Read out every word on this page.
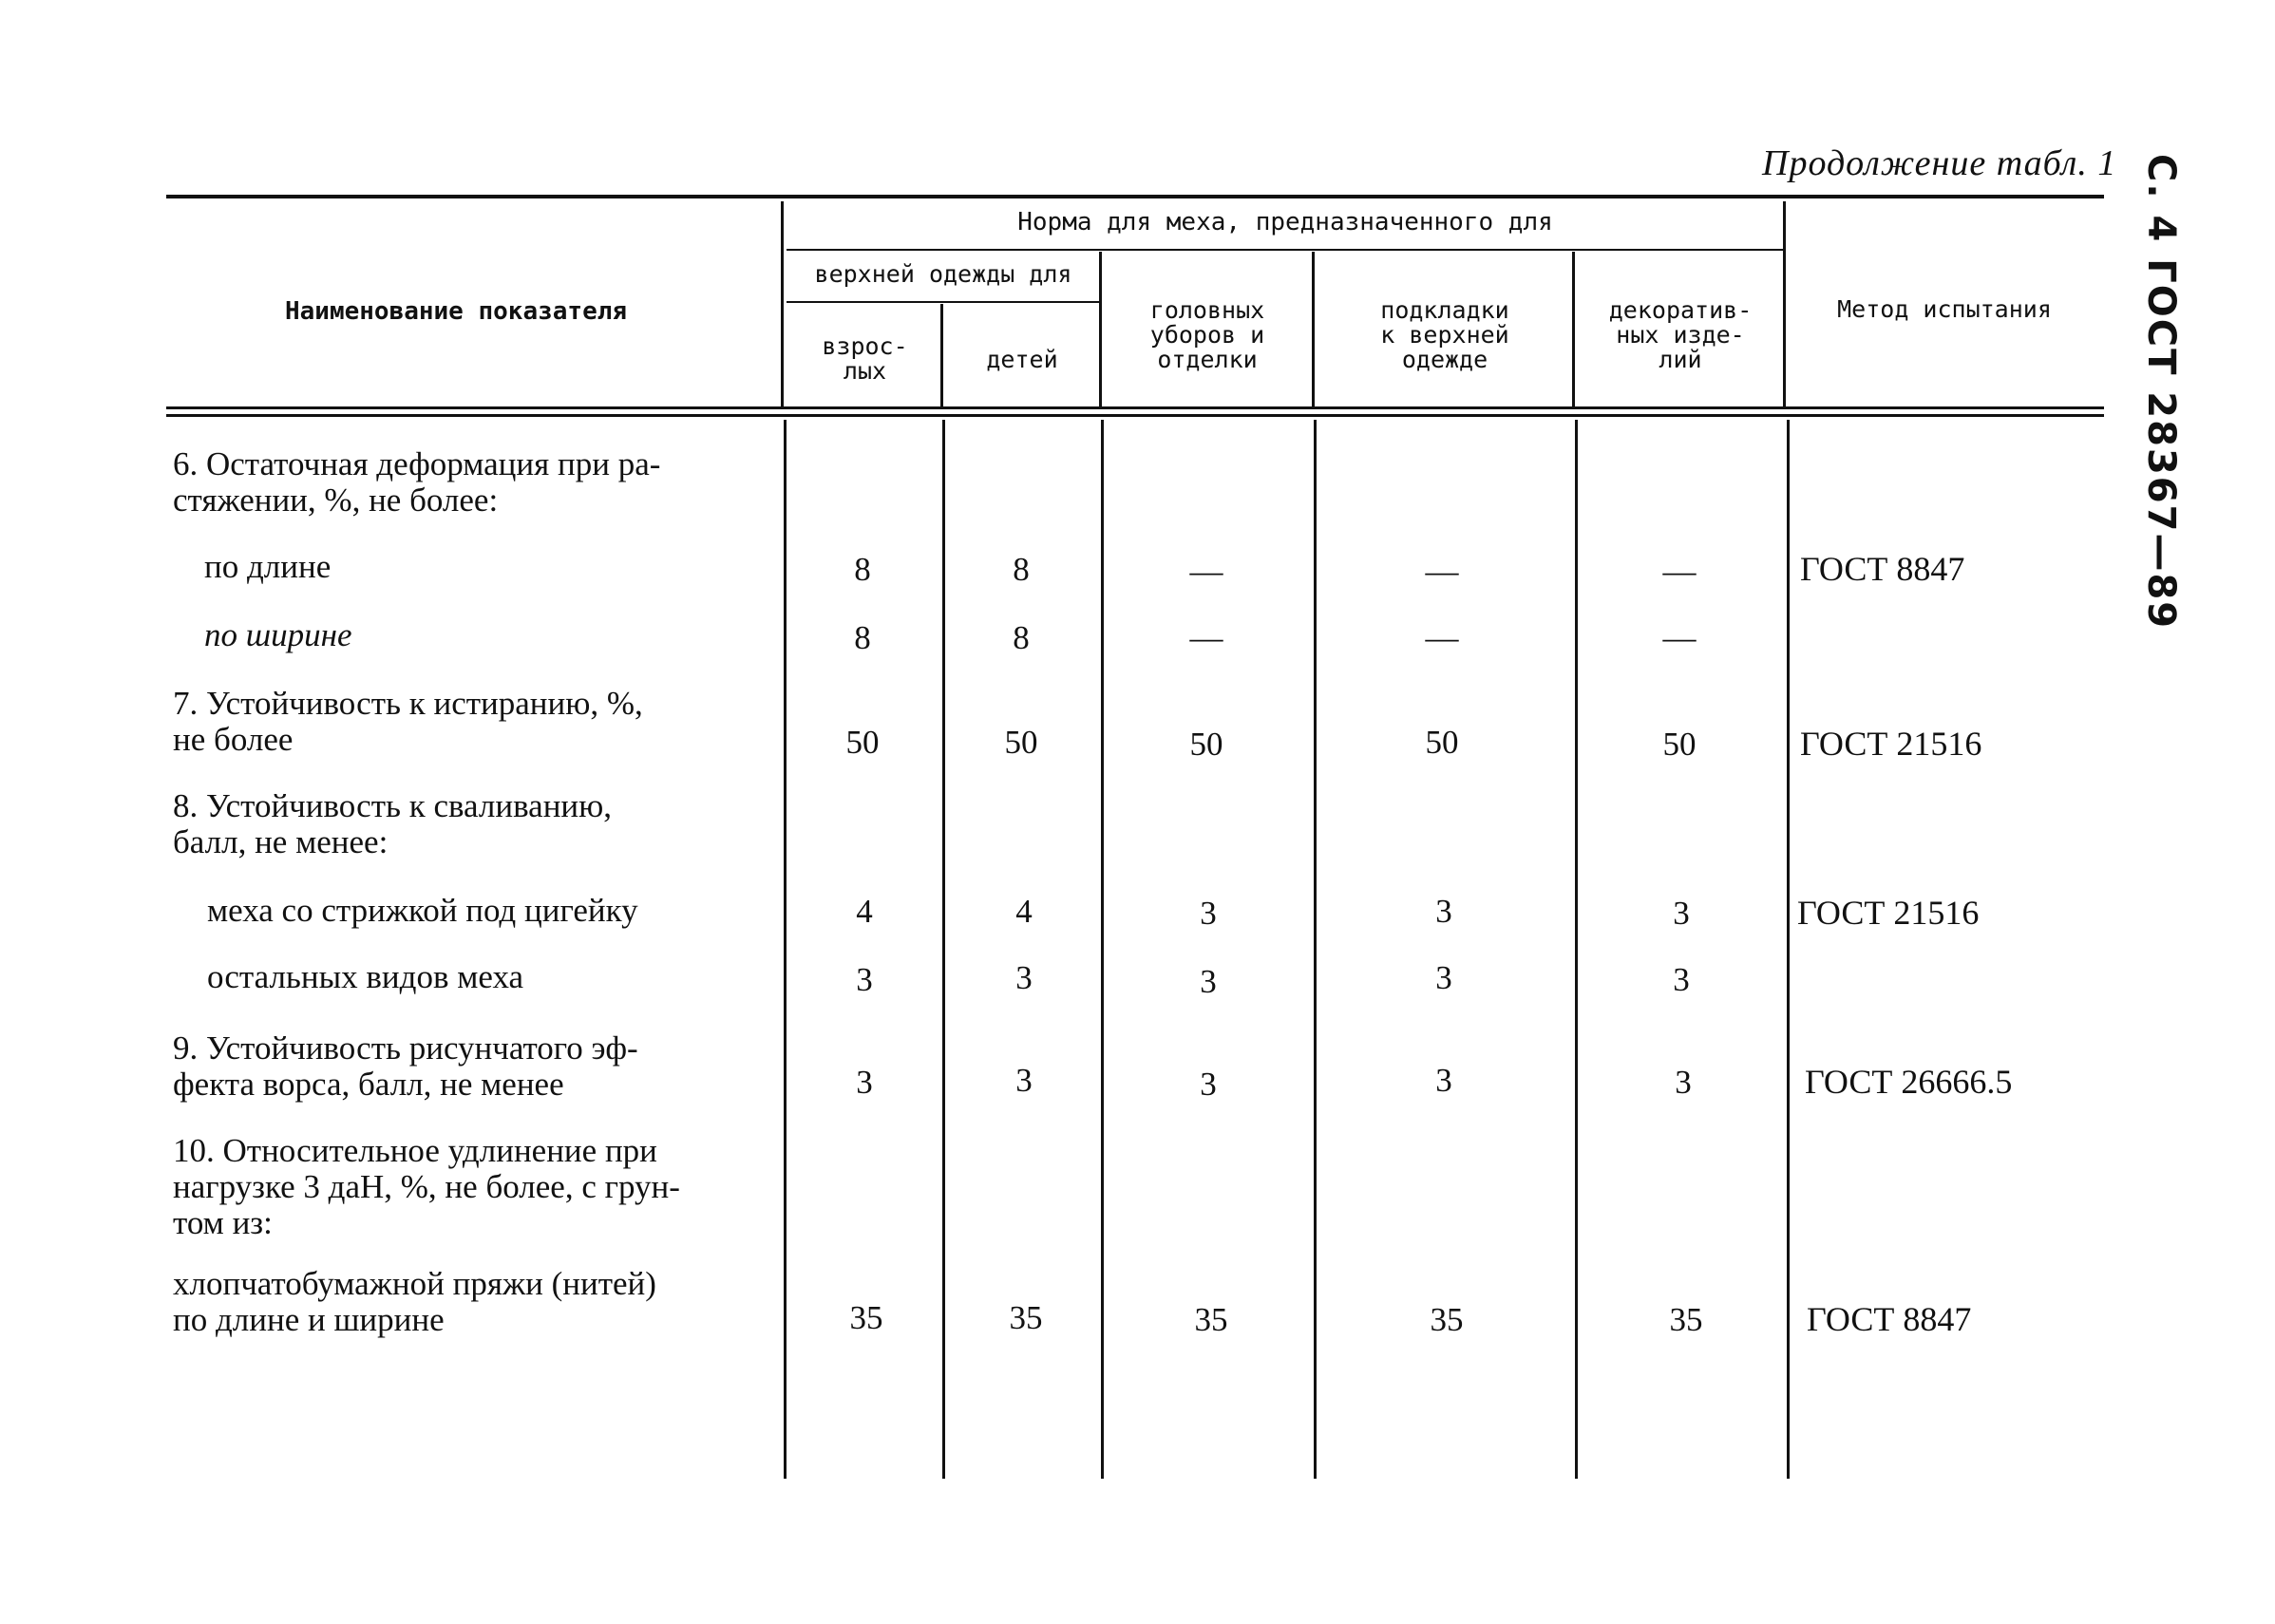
Продолжение табл. 1 С. 4 ГОСТ 28367—89
Наименование показателя
Норма для меха, предназначенного для
верхней одежды для
взрос-
лых	детей
головных
уборов и
отделки
подкладки
к верхней
одежде
декоратив-
ных изде-
лий
Метод испытания
6. Остаточная деформация при ра-
стяжении, %, не более:
по длине	8	8	—	—	—	ГОСТ 8847
по ширине	8	8	—	—	—
7. Устойчивость к истиранию, %,
не более	50	50	50	50	50	ГОСТ 21516
8. Устойчивость к сваливанию,
балл, не менее:
меха со стрижкой под цигейку	4	4	3	3	3	ГОСТ 21516
остальных видов меха	3	3	3	3	3
9. Устойчивость рисунчатого эф-
фекта ворса, балл, не менее	3	3	3	3	3	ГОСТ 26666.5
10. Относительное удлинение при
нагрузке 3 даН, %, не более, с грун-
том из:
хлопчатобумажной пряжи (нитей)
по длине и ширине	35	35	35	35	35	ГОСТ 8847
